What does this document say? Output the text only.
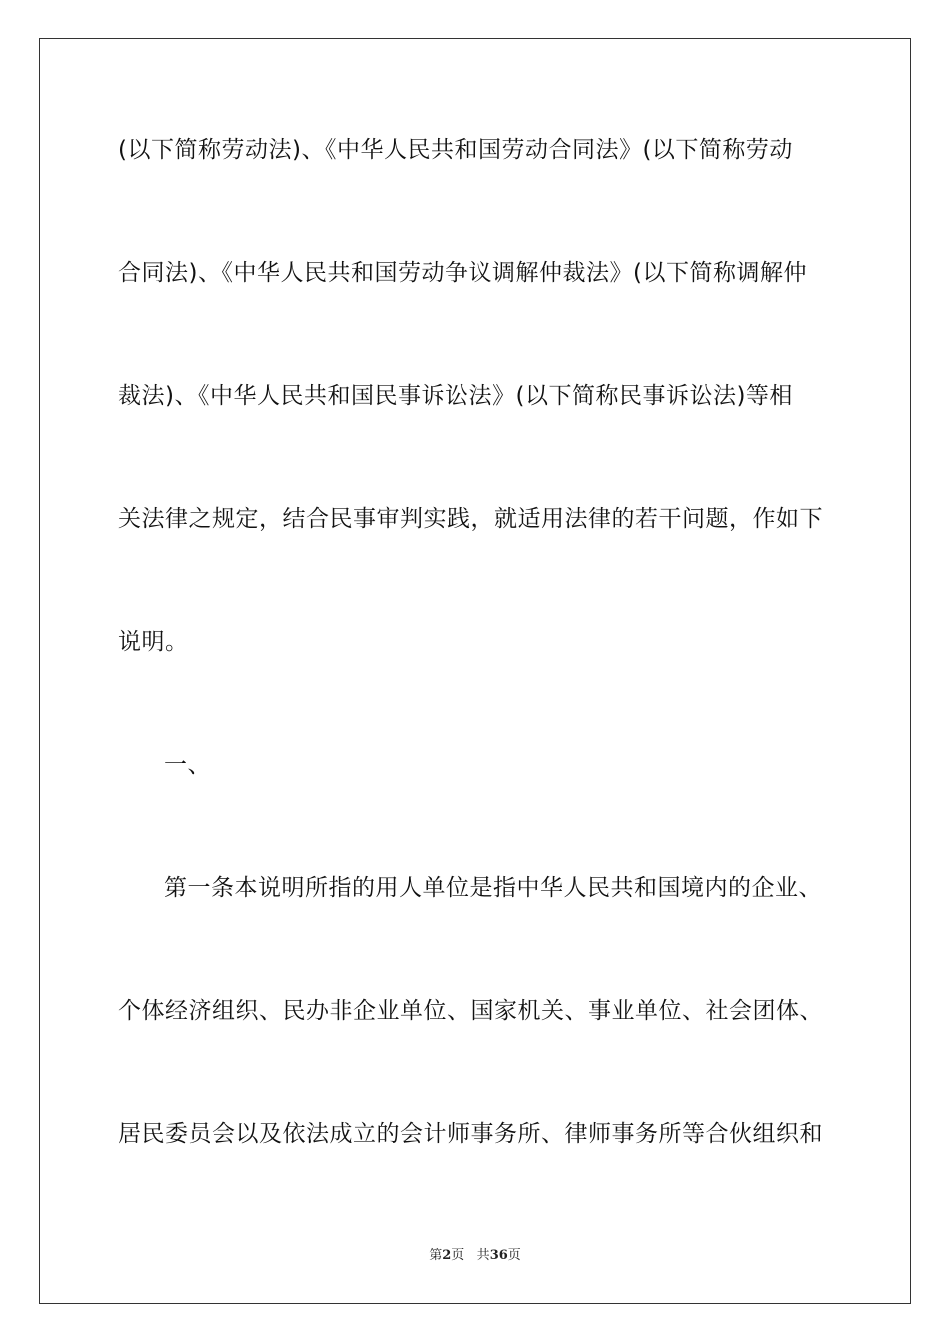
(以下简称劳动法)、《中华人民共和国劳动合同法》(以下简称劳动
合同法)、《中华人民共和国劳动争议调解仲裁法》(以下简称调解仲
裁法)、《中华人民共和国民事诉讼法》(以下简称民事诉讼法)等相
关法律之规定，结合民事审判实践，就适用法律的若干问题，作如下
说明。
一、
第一条本说明所指的用人单位是指中华人民共和国境内的企业、
个体经济组织、民办非企业单位、国家机关、事业单位、社会团体、
居民委员会以及依法成立的会计师事务所、律师事务所等合伙组织和
第2页 共36页
